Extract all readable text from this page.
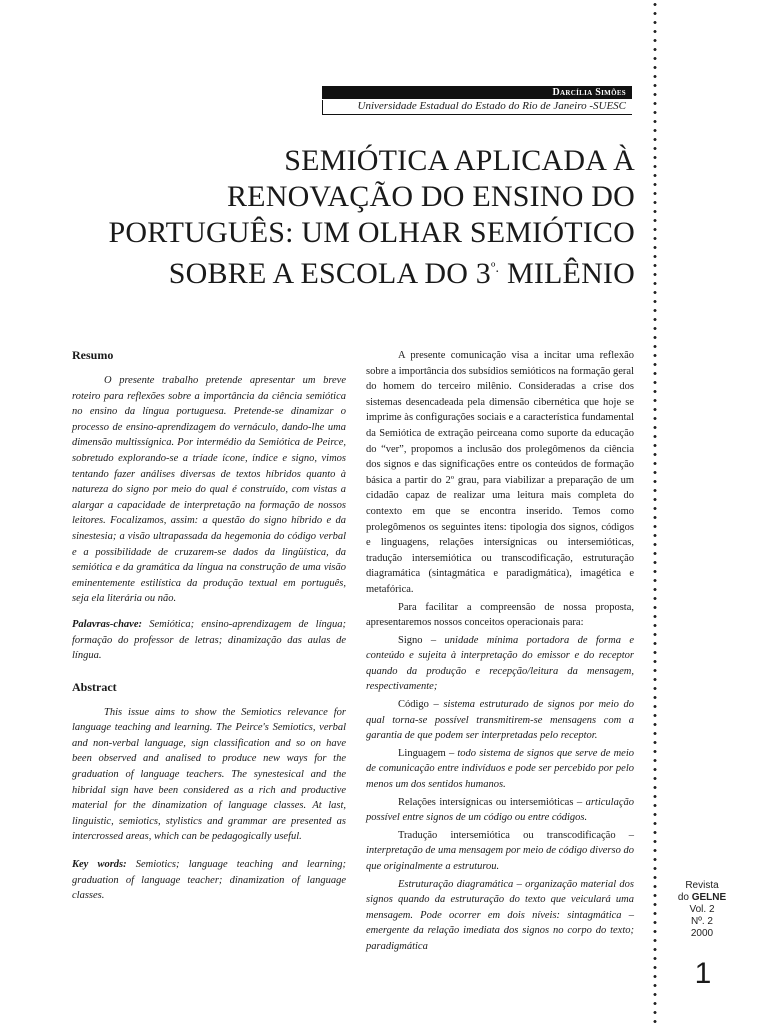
Darcília Simões
Universidade Estadual do Estado do Rio de Janeiro -SUESC
SEMIÓTICA APLICADA À
RENOVAÇÃO DO ENSINO DO
PORTUGUÊS: UM OLHAR SEMIÓTICO
SOBRE A ESCOLA DO $3^{º.}$ MILÊNIO
Resumo

O presente trabalho pretende apresentar um breve roteiro para reflexões sobre a importância da ciência semiótica no ensino da língua portuguesa. Pretende-se dinamizar o processo de ensino-aprendizagem do vernáculo, dando-lhe uma dimensão multissígnica. Por intermédio da Semiótica de Peirce, sobretudo explorando-se a tríade ícone, índice e signo, vimos tentando fazer análises diversas de textos híbridos quanto à natureza do signo por meio do qual é construído, com vistas a alargar a capacidade de interpretação na formação de nossos leitores. Focalizamos, assim: a questão do signo híbrido e da sinestesia; a visão ultrapassada da hegemonia do código verbal e a possibilidade de cruzarem-se dados da lingüística, da semiótica e da gramática da língua na construção de uma visão eminentemente estilística da produção textual em português, seja ela literária ou não.

Palavras-chave: Semiótica; ensino-aprendizagem de língua; formação do professor de letras; dinamização das aulas de língua.

Abstract

This issue aims to show the Semiotics relevance for language teaching and learning. The Peirce's Semiotics, verbal and non-verbal language, sign classification and so on have been observed and analised to produce new ways for the graduation of language teachers. The synestesical and the hibridal sign have been considered as a rich and productive material for the dinamization of language classes. At last, linguistic, semiotics, stylistics and grammar are presented as intercrossed areas, which can be pedagogically useful.

Key words: Semiotics; language teaching and learning; graduation of language teacher; dinamization of language classes.

A presente comunicação visa a incitar uma reflexão sobre a importância dos subsídios semióticos na formação geral do homem do terceiro milênio. Consideradas a crise dos sistemas desencadeada pela dimensão cibernética que hoje se imprime às configurações sociais e a característica fundamental da Semiótica de extração peirceana como suporte da educação do “ver”, propomos a inclusão dos prolegômenos da ciência dos signos e das significações entre os conteúdos de formação básica a partir do 2º grau, para viabilizar a preparação de um cidadão capaz de realizar uma leitura mais completa do contexto em que se encontra inserido. Temos como prolegômenos os seguintes itens: tipologia dos signos, códigos e linguagens, relações intersígnicas ou intersemióticas, tradução intersemiótica ou transcodificação, estruturação diagramática (sintagmática e paradigmática), imagética e metafórica.

Para facilitar a compreensão de nossa proposta, apresentaremos nossos conceitos operacionais para:

Signo – unidade mínima portadora de forma e conteúdo e sujeita à interpretação do emissor e do receptor quando da produção e recepção/leitura da mensagem, respectivamente;

Código – sistema estruturado de signos por meio do qual torna-se possível transmitirem-se mensagens com a garantia de que podem ser interpretadas pelo receptor.

Linguagem – todo sistema de signos que serve de meio de comunicação entre indivíduos e pode ser percebido por pelo menos um dos sentidos humanos.

Relações intersígnicas ou intersemióticas – articulação possível entre signos de um código ou entre códigos.

Tradução intersemiótica ou transcodificação – interpretação de uma mensagem por meio de código diverso do que originalmente a estruturou.

Estruturação diagramática – organização material dos signos quando da estruturação do texto que veiculará uma mensagem. Pode ocorrer em dois níveis: sintagmática – emergente da relação imediata dos signos no corpo do texto; paradigmática

Revista
do GELNE
Vol. 2
Nº. 2
2000
1
